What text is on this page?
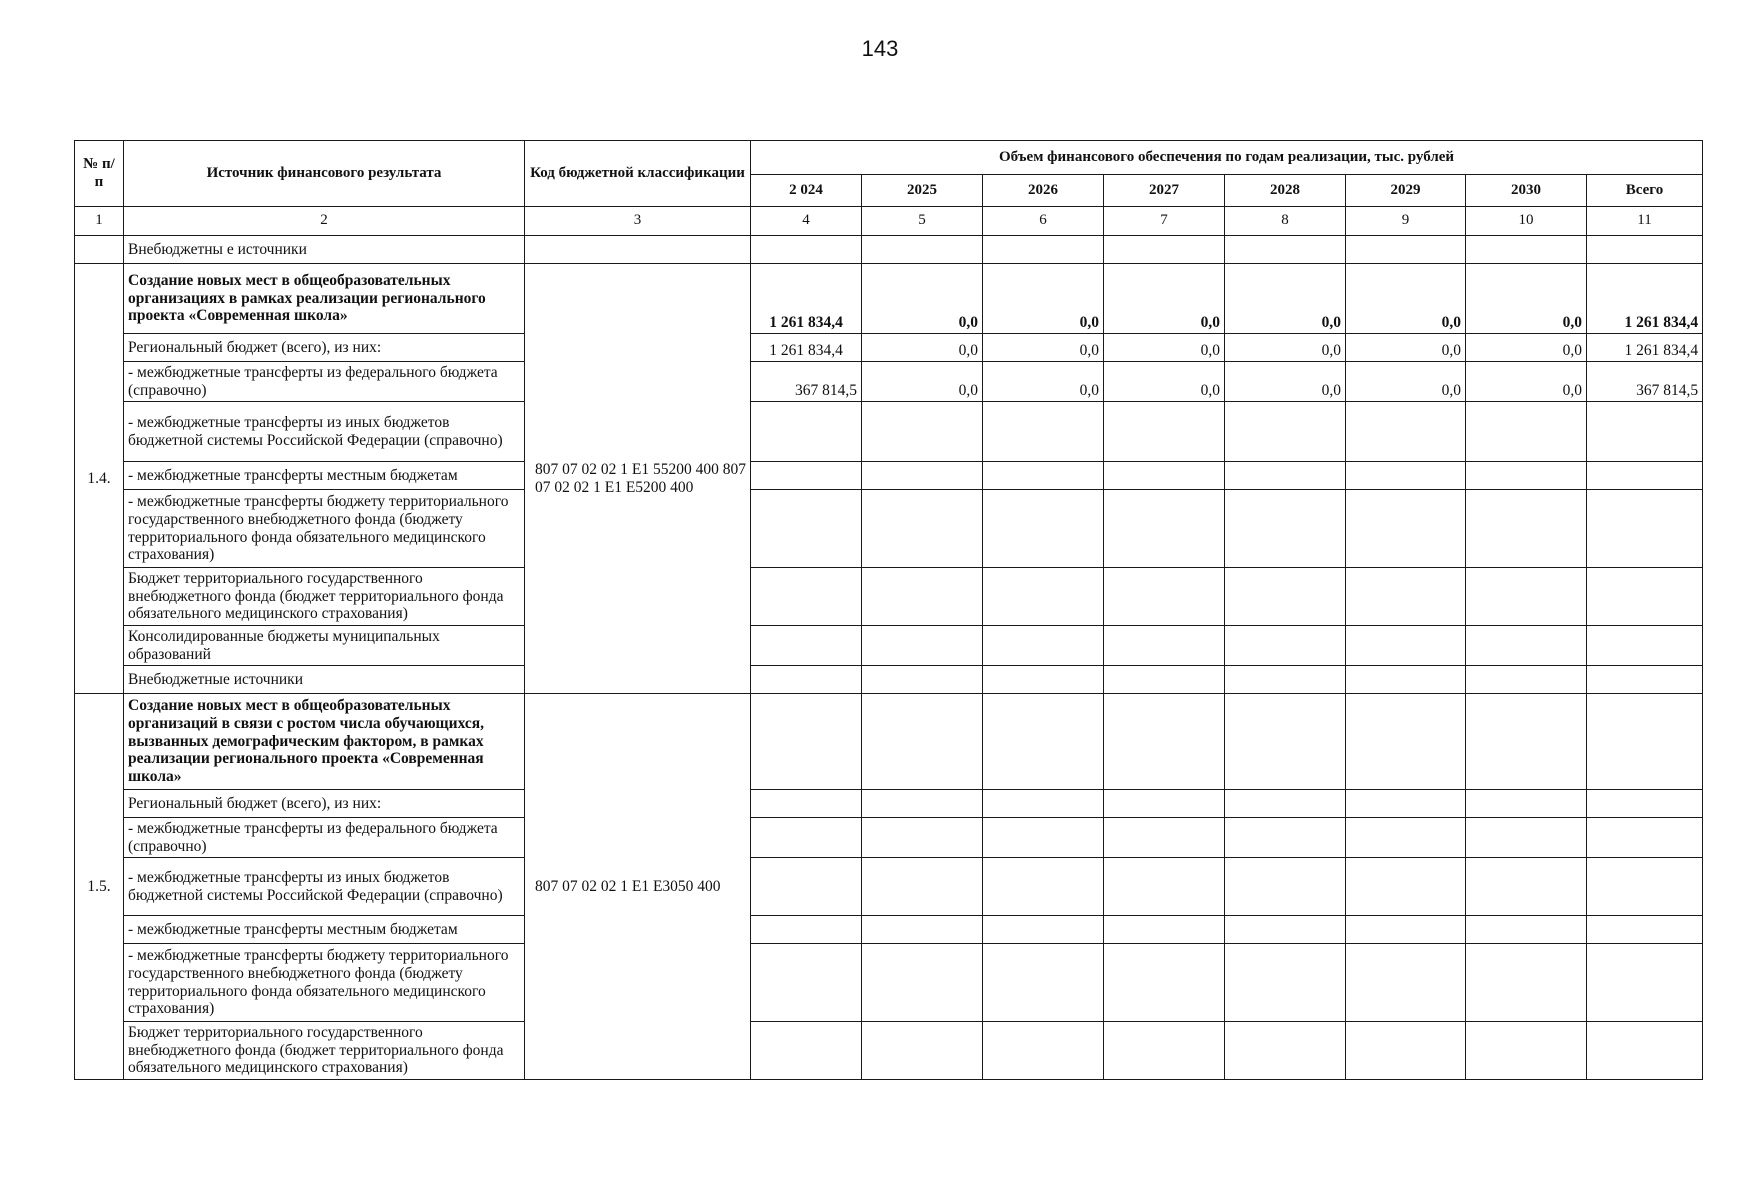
143
№ п/п	Источник финансового результата	Код бюджетной классификации	Объем финансового обеспечения по годам реализации, тыс. рублей							
			2 024	2025	2026	2027	2028	2029	2030	Всего
1	2	3	4	5	6	7	8	9	10	11
	Внебюджетны е источники									
1.4.	Создание новых мест в общеобразовательных организациях в рамках реализации регионального проекта «Современная школа»	807 07 02 02 1 E1 55200 400 807 07 02 02 1 E1 E5200 400	1 261 834,4	0,0	0,0	0,0	0,0	0,0	0,0	1 261 834,4
	Региональный бюджет (всего), из них:		1 261 834,4	0,0	0,0	0,0	0,0	0,0	0,0	1 261 834,4
	- межбюджетные трансферты из федерального бюджета (справочно)		367 814,5	0,0	0,0	0,0	0,0	0,0	0,0	367 814,5
	- межбюджетные трансферты из иных бюджетов бюджетной системы Российской Федерации (справочно)									
	- межбюджетные трансферты местным бюджетам									
	- межбюджетные трансферты бюджету территориального государственного внебюджетного фонда (бюджету территориального фонда обязательного медицинского страхования)									
	Бюджет территориального государственного внебюджетного фонда (бюджет территориального фонда обязательного медицинского страхования)									
	Консолидированные бюджеты муниципальных образований									
	Внебюджетные источники									
1.5.	Создание новых мест в общеобразовательных организаций в связи с ростом числа обучающихся, вызванных демографическим фактором, в рамках реализации регионального проекта «Современная школа»	807 07 02 02 1 E1 E3050 400								
	Региональный бюджет (всего), из них:									
	- межбюджетные трансферты из федерального бюджета (справочно)									
	- межбюджетные трансферты из иных бюджетов бюджетной системы Российской Федерации (справочно)									
	- межбюджетные трансферты местным бюджетам									
	- межбюджетные трансферты бюджету территориального государственного внебюджетного фонда (бюджету территориального фонда обязательного медицинского страхования)									
	Бюджет территориального государственного внебюджетного фонда (бюджет территориального фонда обязательного медицинского страхования)									
